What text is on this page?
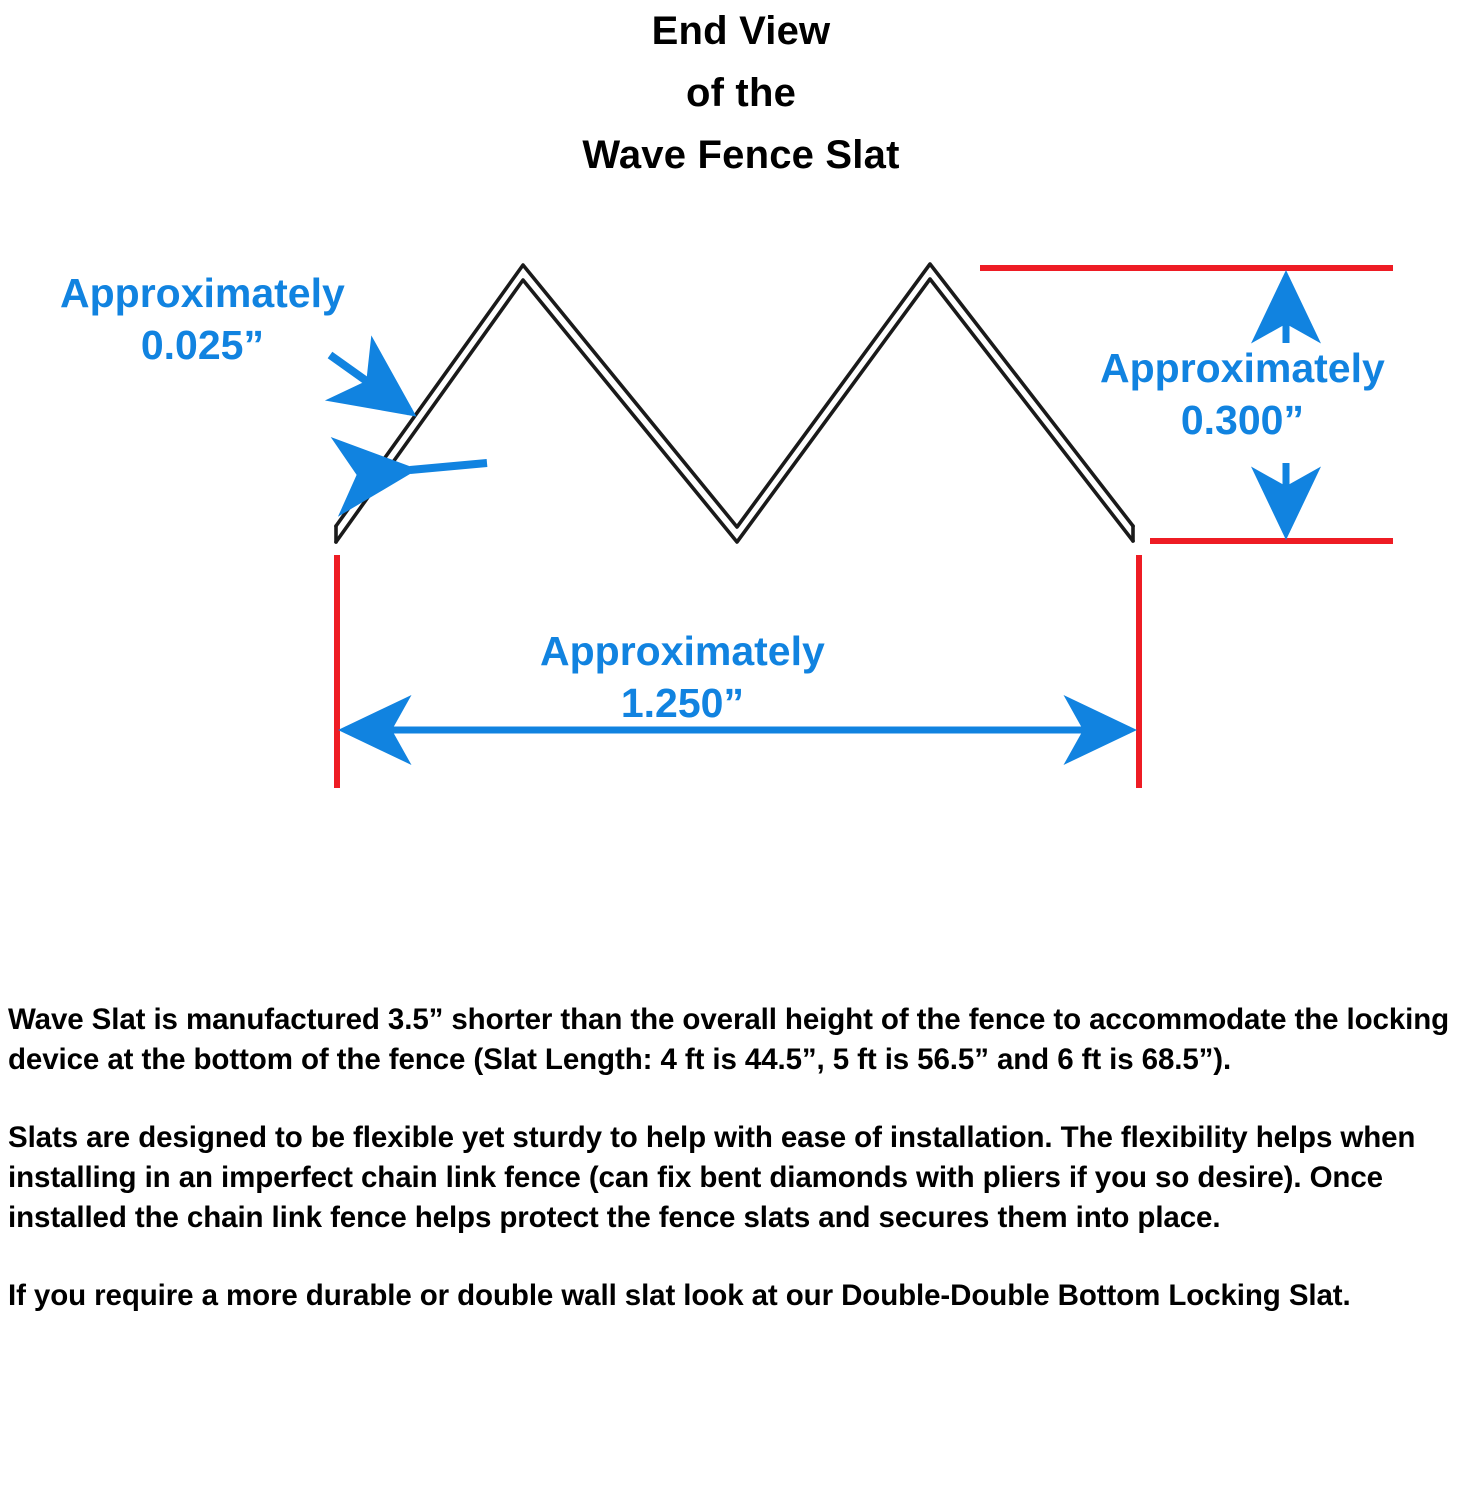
End View
of the
Wave Fence Slat
Approximately
0.025”	Approximately
0.300”
Approximately
1.250”

Wave Slat is manufactured 3.5” shorter than the overall height of the fence to accommodate the locking device at the bottom of the fence (Slat Length: 4 ft is 44.5”, 5 ft is 56.5” and 6 ft is 68.5”).

Slats are designed to be flexible yet sturdy to help with ease of installation. The flexibility helps when installing in an imperfect chain link fence (can fix bent diamonds with pliers if you so desire). Once installed the chain link fence helps protect the fence slats and secures them into place.

If you require a more durable or double wall slat look at our Double-Double Bottom Locking Slat.
